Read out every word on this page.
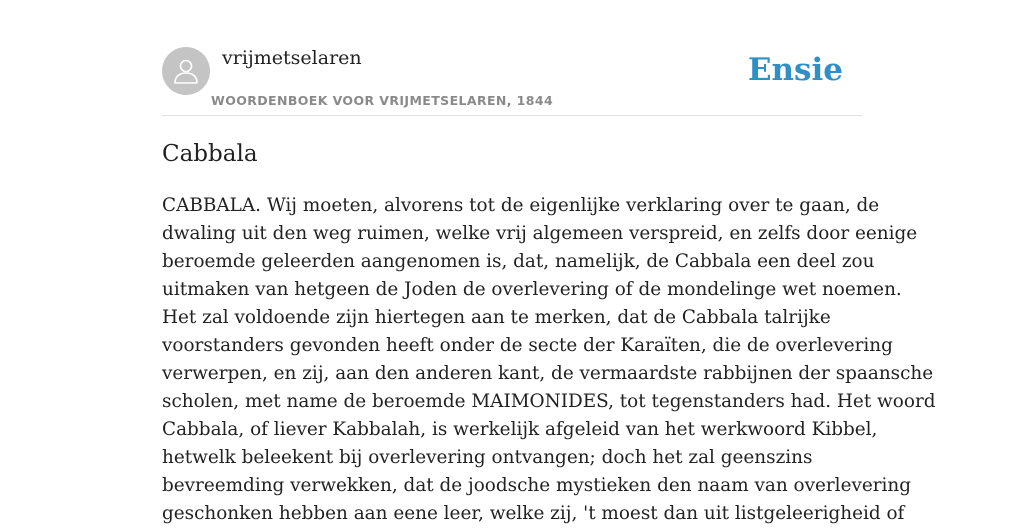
vrijmetselaren
WOORDENBOEK VOOR VRIJMETSELAREN, 1844
Ensie
Cabbala

CABBALA. Wij moeten, alvorens tot de eigenlijke verklaring over te gaan, de
dwaling uit den weg ruimen, welke vrij algemeen verspreid, en zelfs door eenige
beroemde geleerden aangenomen is, dat, namelijk, de Cabbala een deel zou
uitmaken van hetgeen de Joden de overlevering of de mondelinge wet noemen.
Het zal voldoende zijn hiertegen aan te merken, dat de Cabbala talrijke
voorstanders gevonden heeft onder de secte der Karaïten, die de overlevering
verwerpen, en zij, aan den anderen kant, de vermaardste rabbijnen der spaansche
scholen, met name de beroemde MAIMONIDES, tot tegenstanders had. Het woord
Cabbala, of liever Kabbalah, is werkelijk afgeleid van het werkwoord Kibbel,
hetwelk beleekent bij overlevering ontvangen; doch het zal geenszins
bevreemding verwekken, dat de joodsche mystieken den naam van overlevering
geschonken hebben aan eene leer, welke zij, 't moest dan uit listgeleerigheid of
